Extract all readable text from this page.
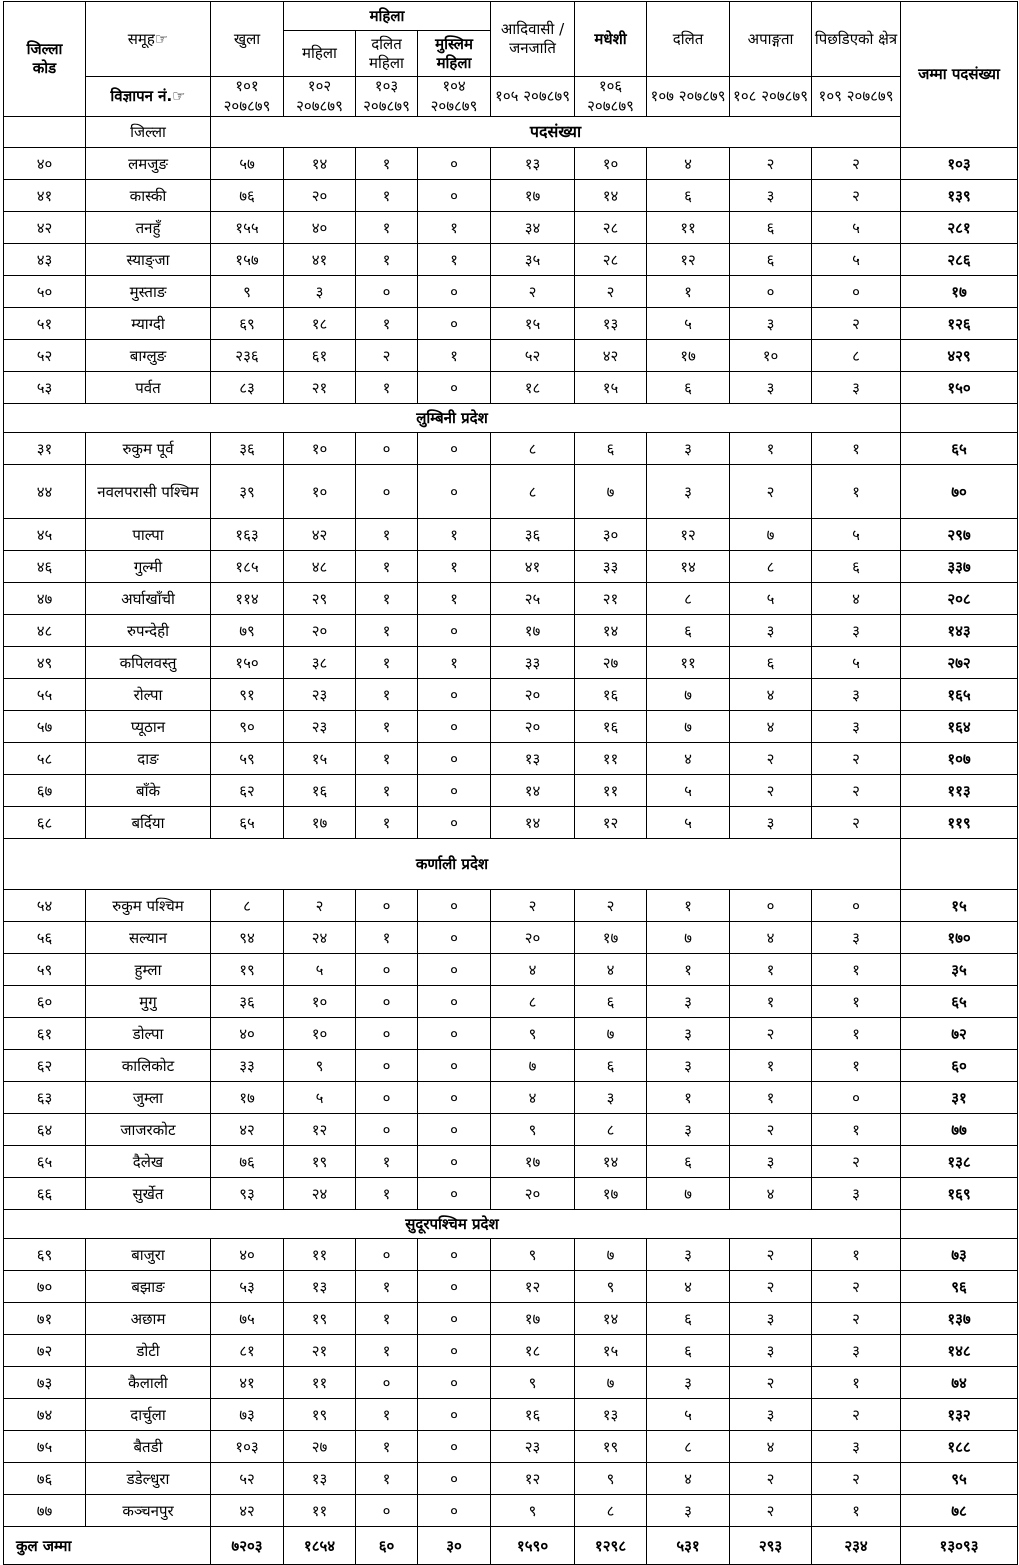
जिल्ला
कोड	समूह☞	खुला	महिला			आदिवासी / जनजाति	मधेशी	दलित	अपाङ्गता	पिछडिएको क्षेत्र	जम्मा पदसंख्या
			महिला	दलित महिला	मुस्लिम महिला						
	विज्ञापन नं.☞	१०१ २०७८७९	१०२ २०७८७९	१०३ २०७८७९	१०४ २०७८७९	१०५ २०७८७९	१०६ २०७८७९	१०७ २०७८७९	१०८ २०७८७९	१०९ २०७८७९	
	जिल्ला	पदसंख्या									
४०	लमजुङ	५७	१४	१	०	१३	१०	४	२	२	१०३
४१	कास्की	७६	२०	१	०	१७	१४	६	३	२	१३९
४२	तनहुँ	१५५	४०	१	१	३४	२८	११	६	५	२८१
४३	स्याङ्जा	१५७	४१	१	१	३५	२८	१२	६	५	२८६
५०	मुस्ताङ	९	३	०	०	२	२	१	०	०	१७
५१	म्याग्दी	६९	१८	१	०	१५	१३	५	३	२	१२६
५२	बाग्लुङ	२३६	६१	२	१	५२	४२	१७	१०	८	४२९
५३	पर्वत	८३	२१	१	०	१८	१५	६	३	३	१५०
लुम्बिनी प्रदेश											
३१	रुकुम पूर्व	३६	१०	०	०	८	६	३	१	१	६५
४४	नवलपरासी पश्चिम	३९	१०	०	०	८	७	३	२	१	७०
४५	पाल्पा	१६३	४२	१	१	३६	३०	१२	७	५	२९७
४६	गुल्मी	१८५	४८	१	१	४१	३३	१४	८	६	३३७
४७	अर्घाखाँची	११४	२९	१	१	२५	२१	८	५	४	२०८
४८	रुपन्देही	७९	२०	१	०	१७	१४	६	३	३	१४३
४९	कपिलवस्तु	१५०	३८	१	१	३३	२७	११	६	५	२७२
५५	रोल्पा	९१	२३	१	०	२०	१६	७	४	३	१६५
५७	प्यूठान	९०	२३	१	०	२०	१६	७	४	३	१६४
५८	दाङ	५९	१५	१	०	१३	११	४	२	२	१०७
६७	बाँके	६२	१६	१	०	१४	११	५	२	२	११३
६८	बर्दिया	६५	१७	१	०	१४	१२	५	३	२	११९
कर्णाली प्रदेश											
५४	रुकुम पश्चिम	८	२	०	०	२	२	१	०	०	१५
५६	सल्यान	९४	२४	१	०	२०	१७	७	४	३	१७०
५९	हुम्ला	१९	५	०	०	४	४	१	१	१	३५
६०	मुगु	३६	१०	०	०	८	६	३	१	१	६५
६१	डोल्पा	४०	१०	०	०	९	७	३	२	१	७२
६२	कालिकोट	३३	९	०	०	७	६	३	१	१	६०
६३	जुम्ला	१७	५	०	०	४	३	१	१	०	३१
६४	जाजरकोट	४२	१२	०	०	९	८	३	२	१	७७
६५	दैलेख	७६	१९	१	०	१७	१४	६	३	२	१३८
६६	सुर्खेत	९३	२४	१	०	२०	१७	७	४	३	१६९
सुदूरपश्चिम प्रदेश											
६९	बाजुरा	४०	११	०	०	९	७	३	२	१	७३
७०	बझाङ	५३	१३	१	०	१२	९	४	२	२	९६
७१	अछाम	७५	१९	१	०	१७	१४	६	३	२	१३७
७२	डोटी	८१	२१	१	०	१८	१५	६	३	३	१४८
७३	कैलाली	४१	११	०	०	९	७	३	२	१	७४
७४	दार्चुला	७३	१९	१	०	१६	१३	५	३	२	१३२
७५	बैतडी	१०३	२७	१	०	२३	१९	८	४	३	१८८
७६	डडेल्धुरा	५२	१३	१	०	१२	९	४	२	२	९५
७७	कञ्चनपुर	४२	११	०	०	९	८	३	२	१	७८
कुल जम्मा		७२०३	१८५४	६०	३०	१५९०	१२९८	५३१	२९३	२३४	१३०९३
